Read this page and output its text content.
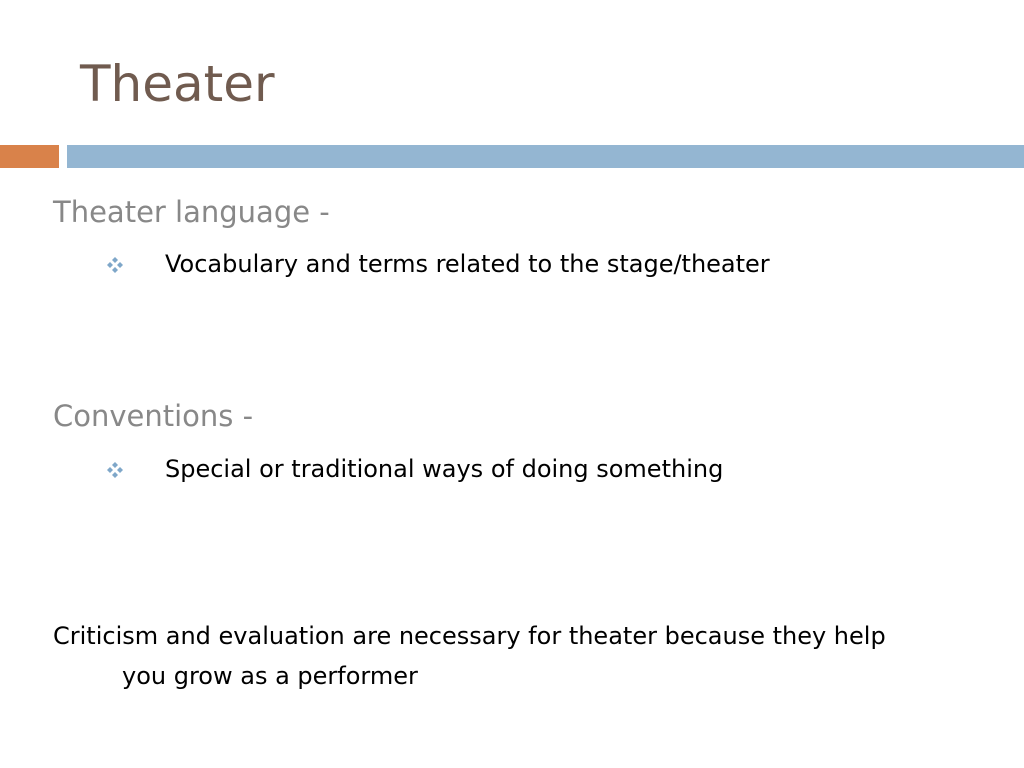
Theater
Theater language -
Vocabulary and terms related to the stage/theater
Conventions -
Special or traditional ways of doing something

Criticism and evaluation are necessary for theater because they help
you grow as a performer
